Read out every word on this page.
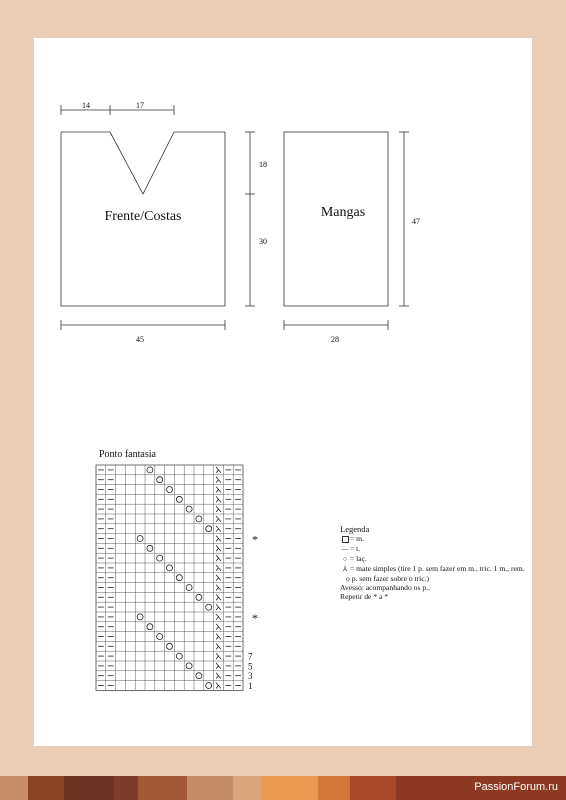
Frente/Costas
14	17
18
30
45
Mangas
47
28
Ponto fantasia
1
3
5
7
*
*
Legenda
= m.
— = t.
○ = laç.
⅄ = mate simples (tire 1 p. sem fazer em m., tric. 1 m., rem.
o p. sem fazer sobre o tric.)
Avesso: acompanhando os p..
Repetir de * a *
PassionForum.ru
